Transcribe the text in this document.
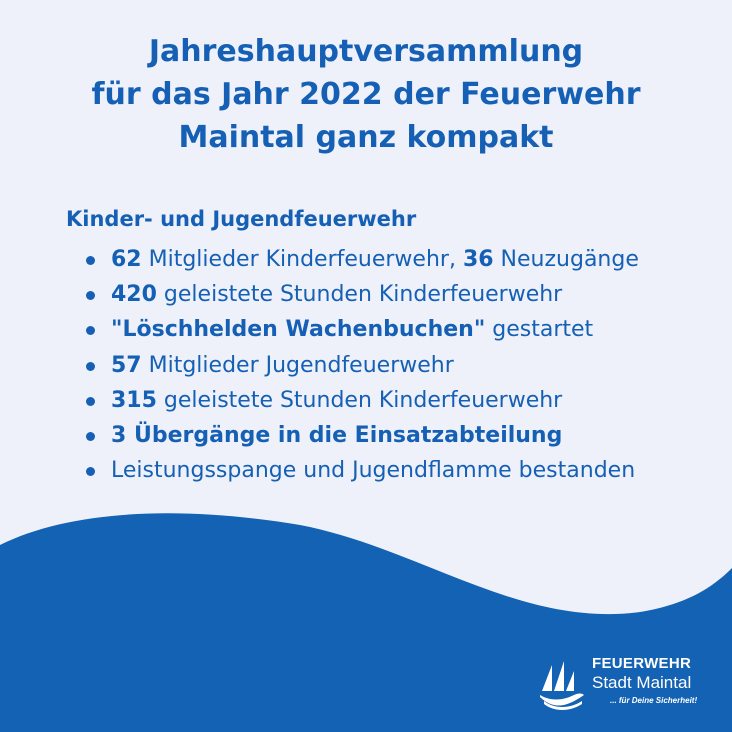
Jahreshauptversammlung
für das Jahr 2022 der Feuerwehr
Maintal ganz kompakt
Kinder- und Jugendfeuerwehr
62 Mitglieder Kinderfeuerwehr, 36 Neuzugänge
420 geleistete Stunden Kinderfeuerwehr
"Löschhelden Wachenbuchen" gestartet
57 Mitglieder Jugendfeuerwehr
315 geleistete Stunden Kinderfeuerwehr
3 Übergänge in die Einsatzabteilung
Leistungsspange und Jugendflamme bestanden
FEUERWEHR
Stadt Maintal
... für Deine Sicherheit!
